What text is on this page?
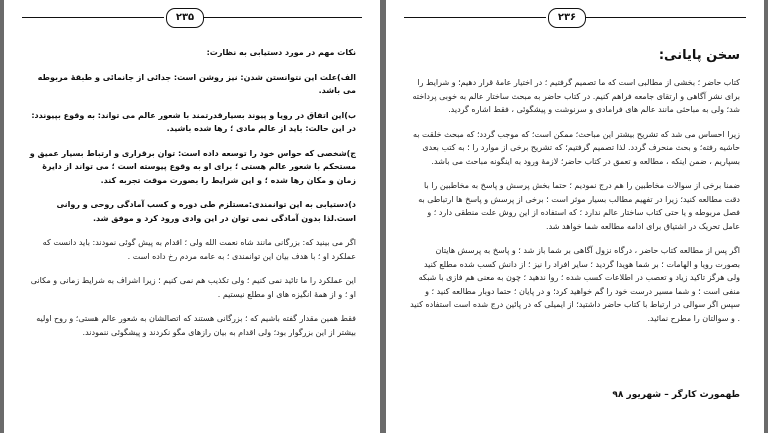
۲۳۵

نکات مهم در مورد دستیابی به نظارت:

الف)علت این نتوانستن شدن: نیز روشن است: جدائی از جانمائی و طبقهٔ مربوطه می باشد.

ب)این اتفاق در رویا و پیوند بسیارقدرتمند با شعور عالم می تواند: به وقوع بپیوندد: در این حالت: باید از عالم مادی ؛ رها شده باشید.

ج)شخصی که حواس خود را توسعه داده است: توان برقراری و ارتباط بسیار عمیق و مستحکم با شعور عالم هستی ؛ برای او به وقوع پیوسته است ؛ می تواند از دایرهٔ زمان و مکان رها شده ؛ و این شرایط را بصورت موقت تجربه کند.

د)دستیابی به این توانمندی:مستلزم طی دوره و کسب آمادگی روحی و روانی است.لذا بدون آمادگی نمی توان در این وادی ورود کرد و موفق شد.

اگر می بینید که: بزرگانی مانند شاه نعمت الله ولی ؛ اقدام به پیش گوئی نمودند: باید دانست که عملکرد او ؛ با هدف بیان این توانمندی ؛ به عامه مردم رخ داده است .

این عملکرد را ما تائید نمی کنیم ؛ ولی تکذیب هم نمی کنیم ؛ زیرا اشراف به شرایط زمانی و مکانی او ؛ و از همهٔ انگیزه های او مطلع نیستیم .

فقط همین مقدار گفته باشیم که ؛ بزرگانی هستند که اتصالشان به شعور عالم هستی؛ و روح اولیه بیشتر از این بزرگوار بود؛ ولی اقدام به بیان رازهای مگو نکردند و پیشگوئی ننمودند.

۲۳۶
سخن پایانی:

کتاب حاضر ؛ بخشی از مطالبی است که ما تصمیم گرفتیم ؛ در اختیار عامهٔ قرار دهیم؛ و شرایط را برای نشر آگاهی و ارتقای جامعه فراهم کنیم. در کتاب حاضر به مبحث ساختار عالم به خوبی پرداخته شد؛ ولی به مباحثی مانند عالم های فرامادی و سرنوشت و پیشگوئی ، فقط اشاره گردید.

زیرا احساس می شد که تشریح بیشتر این مباحث؛ ممکن است؛ که موجب گردد؛ که مبحث خلقت به حاشیه رفته؛ و بحث منحرف گردد. لذا تصمیم گرفتیم؛ که تشریح برخی از موارد را ؛ به کتب بعدی بسپاریم ، ضمن اینکه ، مطالعه و تعمق در کتاب حاضر؛ لازمهٔ ورود به اینگونه مباحث می باشد.

ضمنا برخی از سوالات مخاطبین را هم درج نمودیم ؛ حتما بخش پرسش و پاسخ به مخاطبین را با دقت مطالعه کنید؛ زیرا در تفهیم مطالب بسیار موثر است ؛ برخی از پرسش و پاسخ ها ارتباطی به فصل مربوطه و یا حتی کتاب ساختار عالم ندارد ؛ که استفاده از این روش علت منطقی دارد ؛ و عامل تحریک در اشتیاق برای ادامه مطالعه شما خواهد شد.

اگر پس از مطالعه کتاب حاضر ، درگاه نزول آگاهی بر شما باز شد ؛ و پاسخ به پرسش هایتان بصورت رویا و الهامات ؛ بر شما هویدا گردید ؛ سایر افراد را نیز ؛ از دانش کسب شده مطلع کنید ولی هرگز تاکید زیاد و تعصب در اطلاعات کسب شده ؛ روا ندهید ؛ چون به معنی هم فازی با شبکه منفی است ؛ و شما مسیر درست خود را گم خواهید کرد؛ و در پایان ؛ حتما دوبار مطالعه کنید ؛ و سپس اگر سوالی در ارتباط با کتاب حاضر داشتید؛ از ایمیلی که در پائین درج شده است استفاده کنید . و سوالتان را مطرح نمائید.

طهمورث کارگر – شهریور ۹۸
